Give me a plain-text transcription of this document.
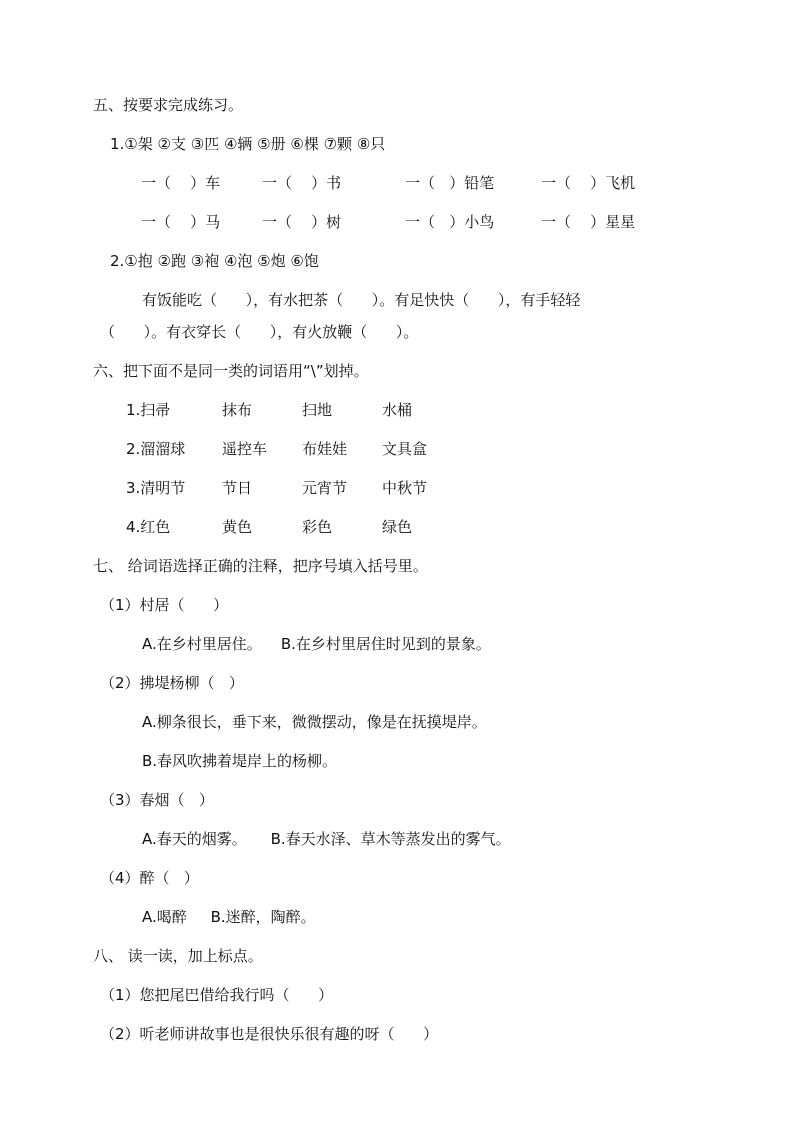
五、按要求完成练习。
1.①架 ②支 ③匹 ④辆 ⑤册 ⑥棵 ⑦颗 ⑧只
一（    ）车	一（    ）书	一（   ）铅笔	一（    ）飞机
一（    ）马	一（    ）树	一（   ）小鸟	一（    ）星星
2.①抱 ②跑 ③袍 ④泡 ⑤炮 ⑥饱
有饭能吃（      ），有水把茶（      ）。有足快快（      ），有手轻轻
（      ）。有衣穿长（      ），有火放鞭（      ）。
六、把下面不是同一类的词语用“\”划掉。
1.扫帚	抹布	扫地	水桶
2.溜溜球 遥控车 布娃娃 文具盒
3.清明节 节日	元宵节 中秋节
4.红色	黄色	彩色	绿色
七、 给词语选择正确的注释，把序号填入括号里。
（1）村居（      ）
A.在乡村里居住。    B.在乡村里居住时见到的景象。
（2）拂堤杨柳（   ）
A.柳条很长，垂下来，微微摆动，像是在抚摸堤岸。
B.春风吹拂着堤岸上的杨柳。
（3）春烟（   ）
A.春天的烟雾。     B.春天水泽、草木等蒸发出的雾气。
（4）醉（   ）
A.喝醉     B.迷醉，陶醉。
八、 读一读，加上标点。
（1）您把尾巴借给我行吗（      ）
（2）听老师讲故事也是很快乐很有趣的呀（      ）
